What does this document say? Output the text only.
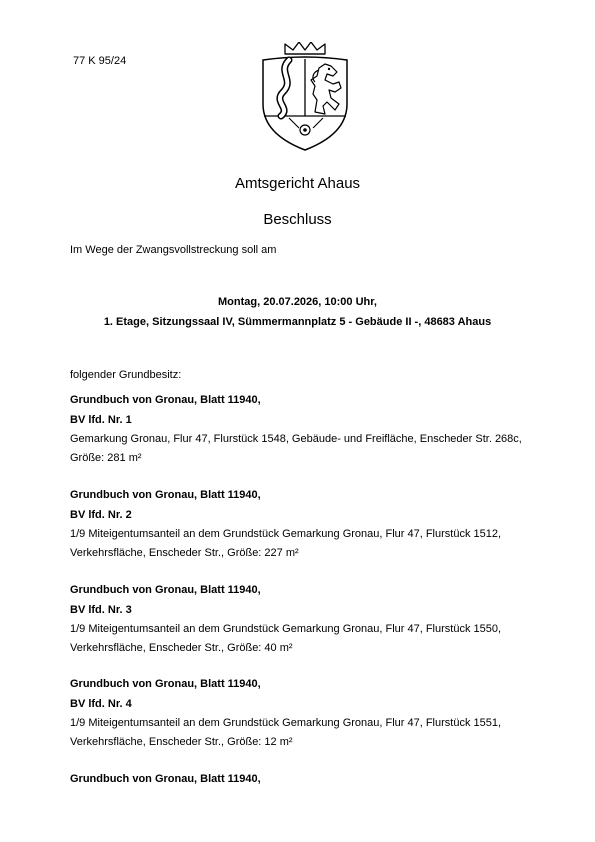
77 K 95/24
Amtsgericht Ahaus
Beschluss
Im Wege der Zwangsvollstreckung soll am
Montag, 20.07.2026, 10:00 Uhr,
1. Etage, Sitzungssaal IV, Sümmermannplatz 5 - Gebäude II -, 48683 Ahaus
folgender Grundbesitz:
Grundbuch von Gronau, Blatt 11940,
BV lfd. Nr. 1
Gemarkung Gronau, Flur 47, Flurstück 1548, Gebäude- und Freifläche, Enscheder Str. 268c, Größe: 281 m²
Grundbuch von Gronau, Blatt 11940,
BV lfd. Nr. 2
1/9 Miteigentumsanteil an dem Grundstück Gemarkung Gronau, Flur 47, Flurstück 1512, Verkehrsfläche, Enscheder Str., Größe: 227 m²
Grundbuch von Gronau, Blatt 11940,
BV lfd. Nr. 3
1/9 Miteigentumsanteil an dem Grundstück Gemarkung Gronau, Flur 47, Flurstück 1550, Verkehrsfläche, Enscheder Str., Größe: 40 m²
Grundbuch von Gronau, Blatt 11940,
BV lfd. Nr. 4
1/9 Miteigentumsanteil an dem Grundstück Gemarkung Gronau, Flur 47, Flurstück 1551, Verkehrsfläche, Enscheder Str., Größe: 12 m²
Grundbuch von Gronau, Blatt 11940,
